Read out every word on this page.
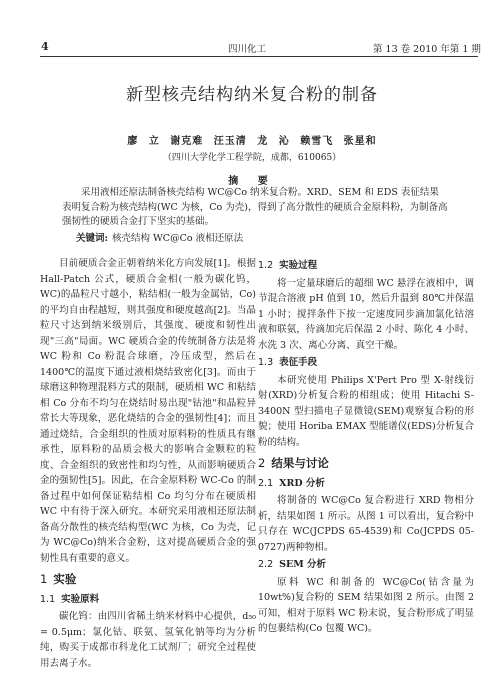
4	四川化工	第 13 卷 2010 年第 1 期
新型核壳结构纳米复合粉的制备
廖 立 谢克难 汪玉清 龙 沁 赖雪飞 张星和
（四川大学化学工程学院，成都，610065）
摘 要
采用液相还原法制备核壳结构 WC@Co 纳米复合粉。XRD、SEM 和 EDS 表征结果表明复合粉为核壳结构(WC 为核，Co 为壳)，得到了高分散性的硬质合金原料粉，为制备高强韧性的硬质合金打下坚实的基础。
关键词: 核壳结构 WC@Co 液相还原法

目前硬质合金正朝着纳米化方向发展[1]。根据 Hall-Patch 公式，硬质合金相(一般为碳化钨，WC)的晶粒尺寸越小，粘结相(一般为金属钴，Co)的平均自由程越短，则其强度和硬度越高[2]。当晶粒尺寸达到纳米级别后，其强度、硬度和韧性出现"三高"局面。WC 硬质合金的传统制备方法是将 WC 粉和 Co 粉混合球磨，冷压成型，然后在 1400℃的温度下通过液相烧结致密化[3]。而由于球磨这种物理混料方式的限制，硬质相 WC 和粘结相 Co 分布不均匀在烧结时易出现"钴池"和晶粒异常长大等现象，恶化烧结的合金的强韧性[4]；而且通过烧结，合金组织的性质对原料粉的性质具有继承性，原料粉的品质会极大的影响合金颗粒的粒度、合金组织的致密性和均匀性，从而影响硬质合金的强韧性[5]。因此，在合金原料粉 WC-Co 的制备过程中如何保证粘结相 Co 均匀分布在硬质相 WC 中有待于深入研究。本研究采用液相还原法制备高分散性的核壳结构型(WC 为核，Co 为壳，记为 WC@Co)纳米合金粉，这对提高硬质合金的强韧性具有重要的意义。

1 实验
1.1 实验原料

碳化钨：由四川省稀土纳米材料中心提供，d₅₀ = 0.5μm；氯化钴、联氨、氢氧化钠等均为分析纯，购买于成都市科龙化工试剂厂；研究全过程使用去离子水。

1.2 实验过程

将一定量球磨后的超细 WC 悬浮在液相中，调节混合溶液 pH 值到 10，然后升温到 80℃并保温 1 小时；搅拌条件下按一定速度同步滴加氯化钴溶液和联氨，待滴加完后保温 2 小时、陈化 4 小时、水洗 3 次、离心分离、真空干燥。

1.3 表征手段

本研究使用 Philips X'Pert Pro 型 X-射线衍射(XRD)分析复合粉的相组成；使用 Hitachi S-3400N 型扫描电子显微镜(SEM)观察复合粉的形貌；使用 Horiba EMAX 型能谱仪(EDS)分析复合粉的结构。

2 结果与讨论
2.1 XRD 分析

将制备的 WC@Co 复合粉进行 XRD 物相分析，结果如图 1 所示。从图 1 可以看出，复合粉中只存在 WC(JCPDS 65-4539)和 Co(JCPDS 05-0727)两种物相。

2.2 SEM 分析

原料 WC 和制备的 WC@Co(钴含量为 10wt%)复合粉的 SEM 结果如图 2 所示。由图 2 可知，相对于原料 WC 粉末说，复合粉形成了明显的包裹结构(Co 包覆 WC)。
